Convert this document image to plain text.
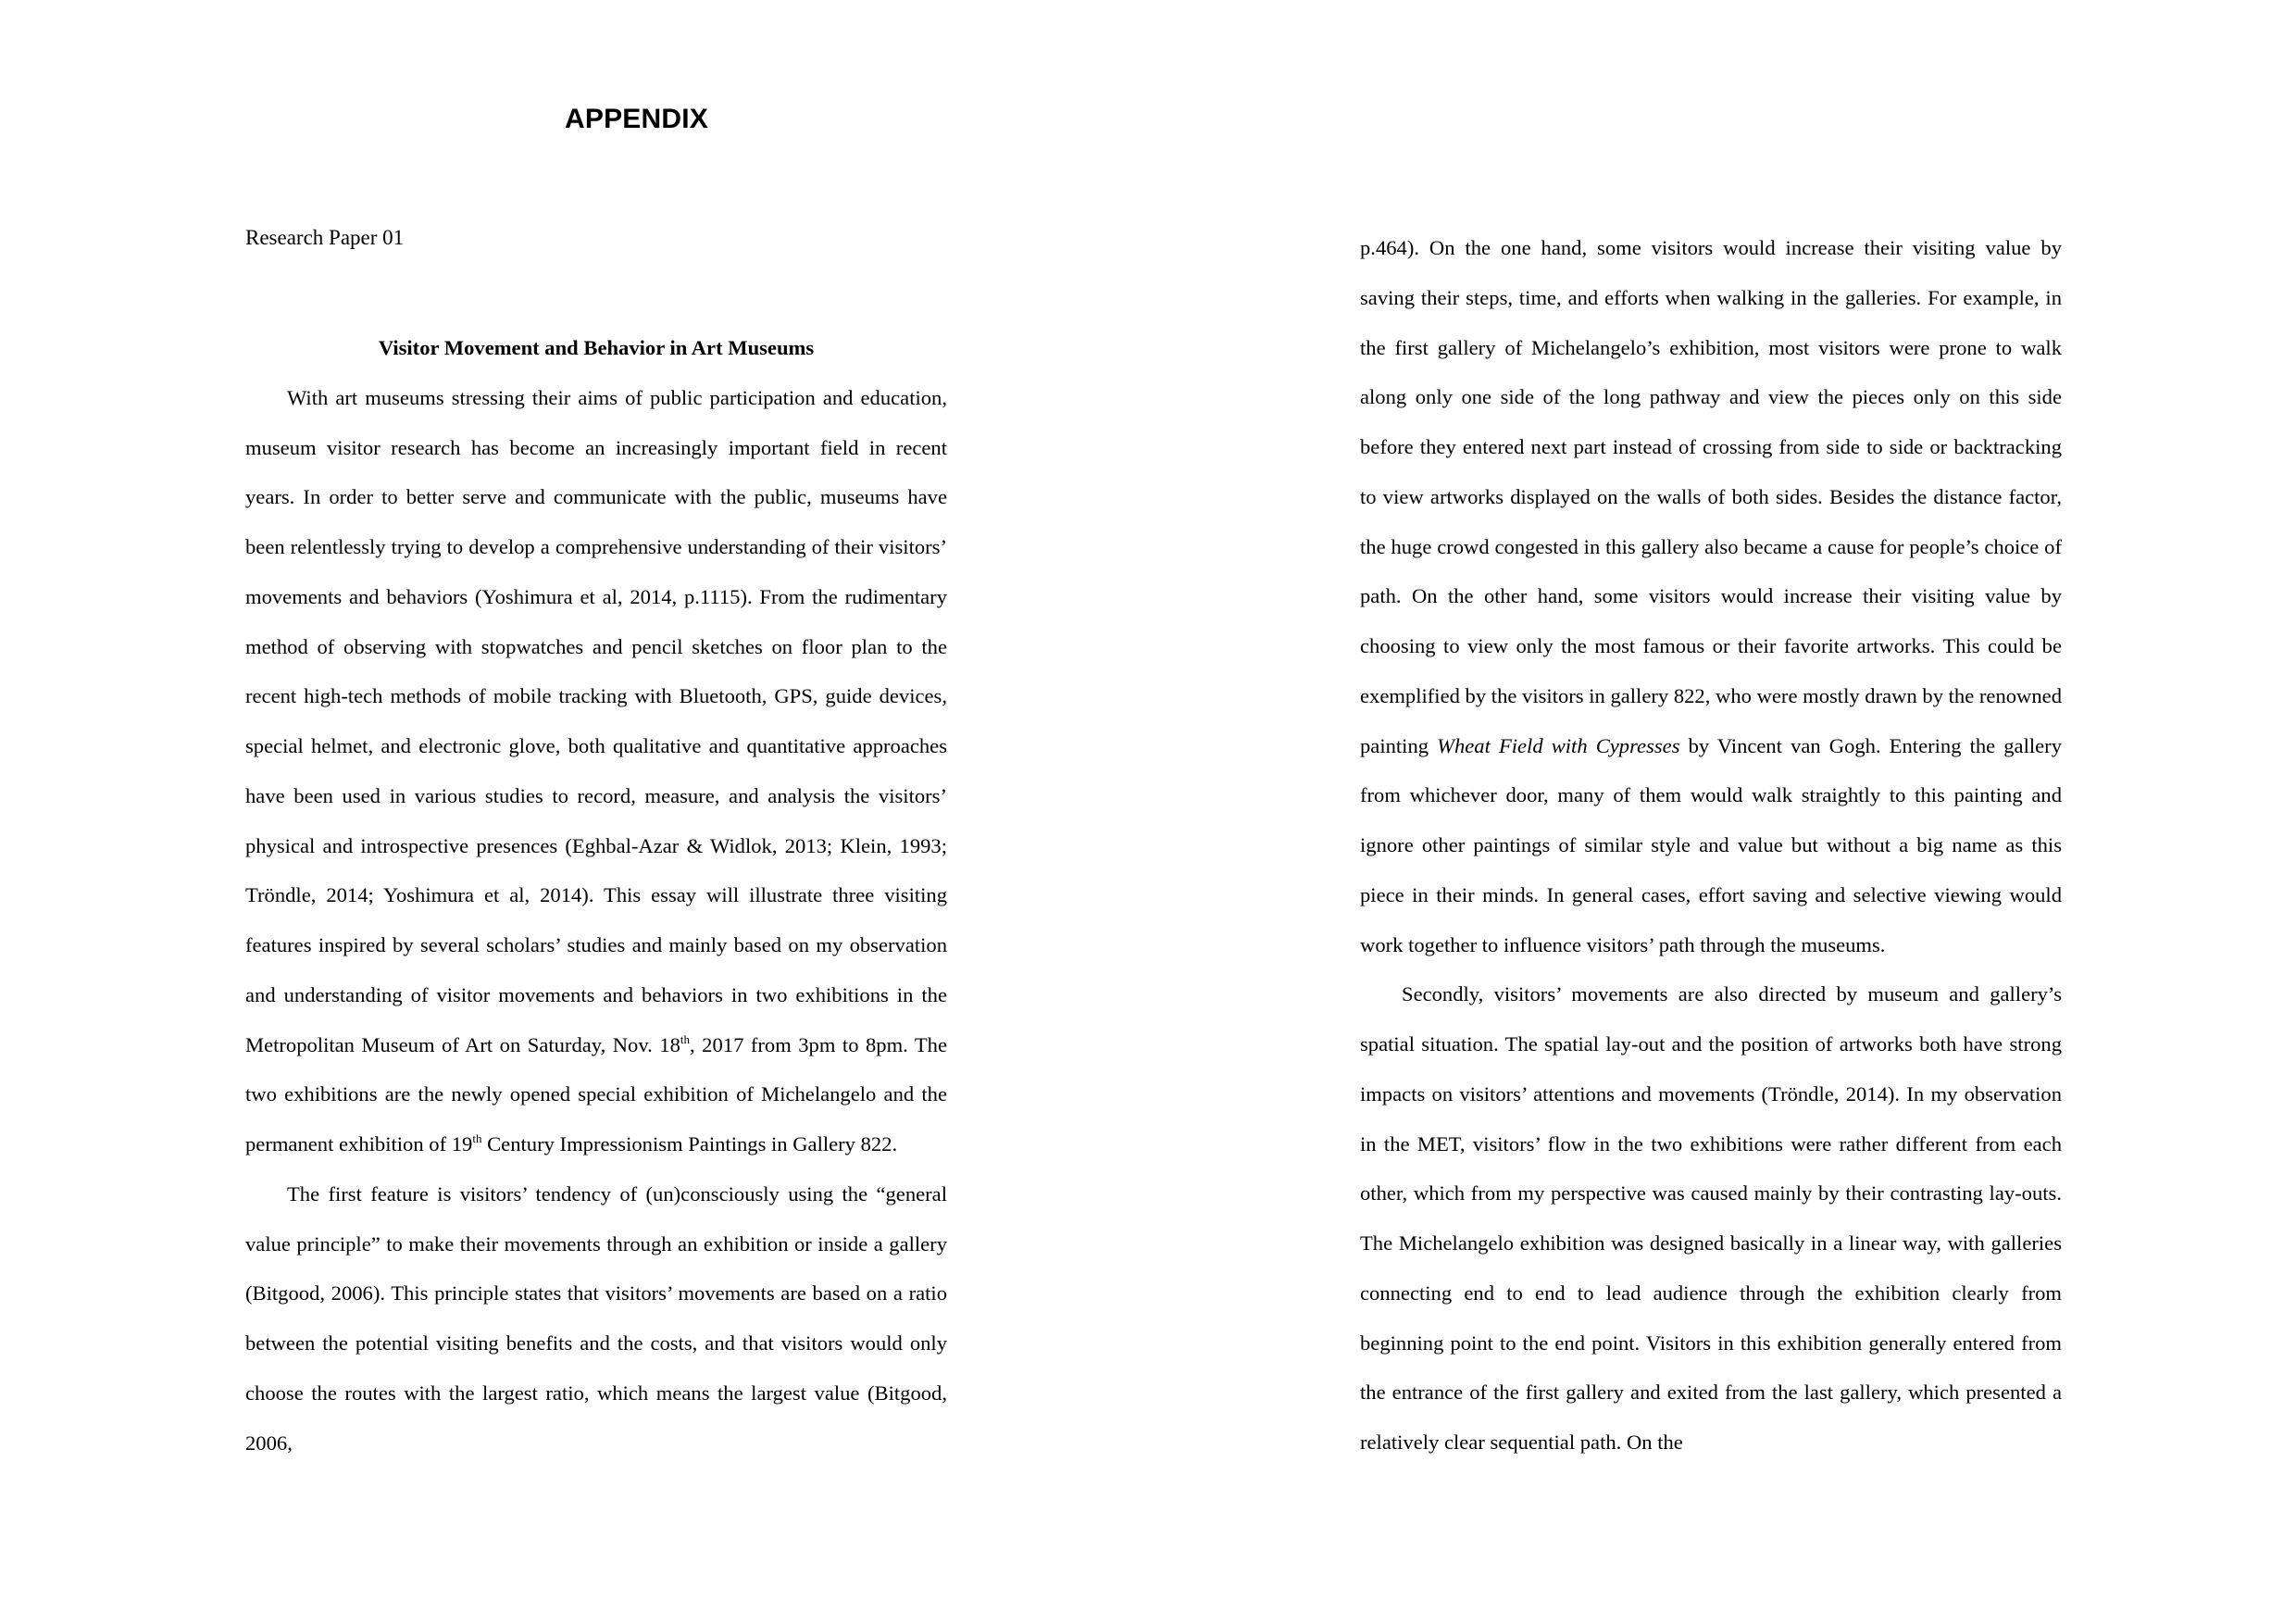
APPENDIX

Research Paper 01

Visitor Movement and Behavior in Art Museums

With art museums stressing their aims of public participation and education, museum visitor research has become an increasingly important field in recent years. In order to better serve and communicate with the public, museums have been relentlessly trying to develop a comprehensive understanding of their visitors’ movements and behaviors (Yoshimura et al, 2014, p.1115). From the rudimentary method of observing with stopwatches and pencil sketches on floor plan to the recent high-tech methods of mobile tracking with Bluetooth, GPS, guide devices, special helmet, and electronic glove, both qualitative and quantitative approaches have been used in various studies to record, measure, and analysis the visitors’ physical and introspective presences (Eghbal-Azar & Widlok, 2013; Klein, 1993; Tröndle, 2014; Yoshimura et al, 2014). This essay will illustrate three visiting features inspired by several scholars’ studies and mainly based on my observation and understanding of visitor movements and behaviors in two exhibitions in the Metropolitan Museum of Art on Saturday, Nov. 18th, 2017 from 3pm to 8pm. The two exhibitions are the newly opened special exhibition of Michelangelo and the permanent exhibition of 19th Century Impressionism Paintings in Gallery 822.

The first feature is visitors’ tendency of (un)consciously using the “general value principle” to make their movements through an exhibition or inside a gallery (Bitgood, 2006). This principle states that visitors’ movements are based on a ratio between the potential visiting benefits and the costs, and that visitors would only choose the routes with the largest ratio, which means the largest value (Bitgood, 2006,

p.464). On the one hand, some visitors would increase their visiting value by saving their steps, time, and efforts when walking in the galleries. For example, in the first gallery of Michelangelo’s exhibition, most visitors were prone to walk along only one side of the long pathway and view the pieces only on this side before they entered next part instead of crossing from side to side or backtracking to view artworks displayed on the walls of both sides. Besides the distance factor, the huge crowd congested in this gallery also became a cause for people’s choice of path. On the other hand, some visitors would increase their visiting value by choosing to view only the most famous or their favorite artworks. This could be exemplified by the visitors in gallery 822, who were mostly drawn by the renowned painting Wheat Field with Cypresses by Vincent van Gogh. Entering the gallery from whichever door, many of them would walk straightly to this painting and ignore other paintings of similar style and value but without a big name as this piece in their minds. In general cases, effort saving and selective viewing would work together to influence visitors’ path through the museums.

Secondly, visitors’ movements are also directed by museum and gallery’s spatial situation. The spatial lay-out and the position of artworks both have strong impacts on visitors’ attentions and movements (Tröndle, 2014). In my observation in the MET, visitors’ flow in the two exhibitions were rather different from each other, which from my perspective was caused mainly by their contrasting lay-outs. The Michelangelo exhibition was designed basically in a linear way, with galleries connecting end to end to lead audience through the exhibition clearly from beginning point to the end point. Visitors in this exhibition generally entered from the entrance of the first gallery and exited from the last gallery, which presented a relatively clear sequential path. On the
